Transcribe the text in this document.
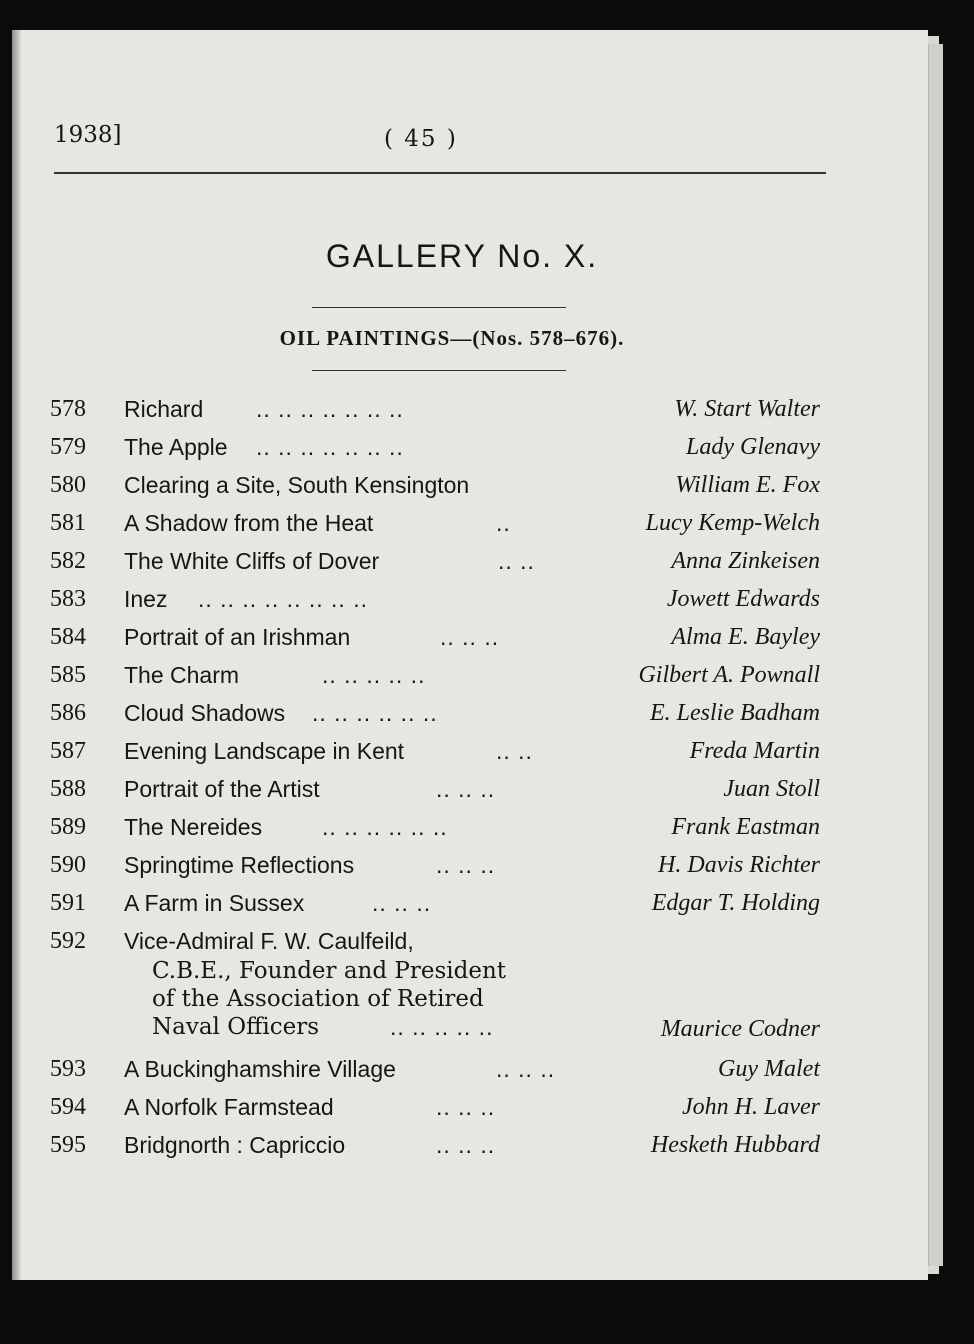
1938]	( 45 )
GALLERY No. X.
OIL PAINTINGS—(Nos. 578–676).
578 Richard .. .. .. .. .. .. ..	W. Start Walter
579 The Apple .. .. .. .. .. .. ..	Lady Glenavy
580 Clearing a Site, South Kensington	William E. Fox
581 A Shadow from the Heat	..	Lucy Kemp-Welch
582 The White Cliffs of Dover	.. ..	Anna Zinkeisen
583 Inez .. .. .. .. .. .. .. ..	Jowett Edwards
584 Portrait of an Irishman	.. .. ..	Alma E. Bayley
585 The Charm	.. .. .. .. ..	Gilbert A. Pownall
586 Cloud Shadows .. .. .. .. .. ..	E. Leslie Badham
587 Evening Landscape in Kent	.. ..	Freda Martin
588 Portrait of the Artist	.. .. ..	Juan Stoll
589 The Nereides	.. .. .. .. .. ..	Frank Eastman
590 Springtime Reflections	.. .. ..	H. Davis Richter
591 A Farm in Sussex	.. .. ..	Edgar T. Holding
592 Vice-Admiral F. W. Caulfeild,
C.B.E., Founder and President
of the Association of Retired
Naval Officers	.. .. .. .. ..	Maurice Codner
593 A Buckinghamshire Village	.. .. ..	Guy Malet
594 A Norfolk Farmstead	.. .. ..	John H. Laver
595 Bridgnorth : Capriccio	.. .. ..	Hesketh Hubbard
